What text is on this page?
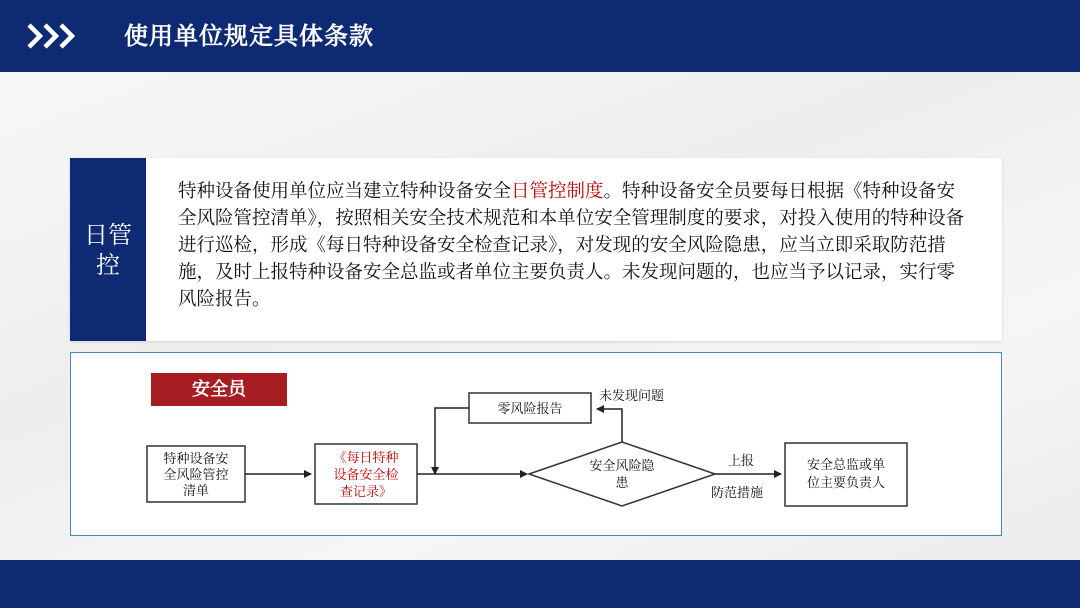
使用单位规定具体条款
日管控
特种设备使用单位应当建立特种设备安全日管控制度。特种设备安全员要每日根据《特种设备安全风险管控清单》，按照相关安全技术规范和本单位安全管理制度的要求，对投入使用的特种设备进行巡检，形成《每日特种设备安全检查记录》，对发现的安全风险隐患，应当立即采取防范措施，及时上报特种设备安全总监或者单位主要负责人。未发现问题的，也应当予以记录，实行零风险报告。
安全员
特种设备安
全风险管控
清单
《每日特种
设备安全检
查记录》
安全风险隐
患
未发现问题
零风险报告
上报
防范措施
安全总监或单
位主要负责人
